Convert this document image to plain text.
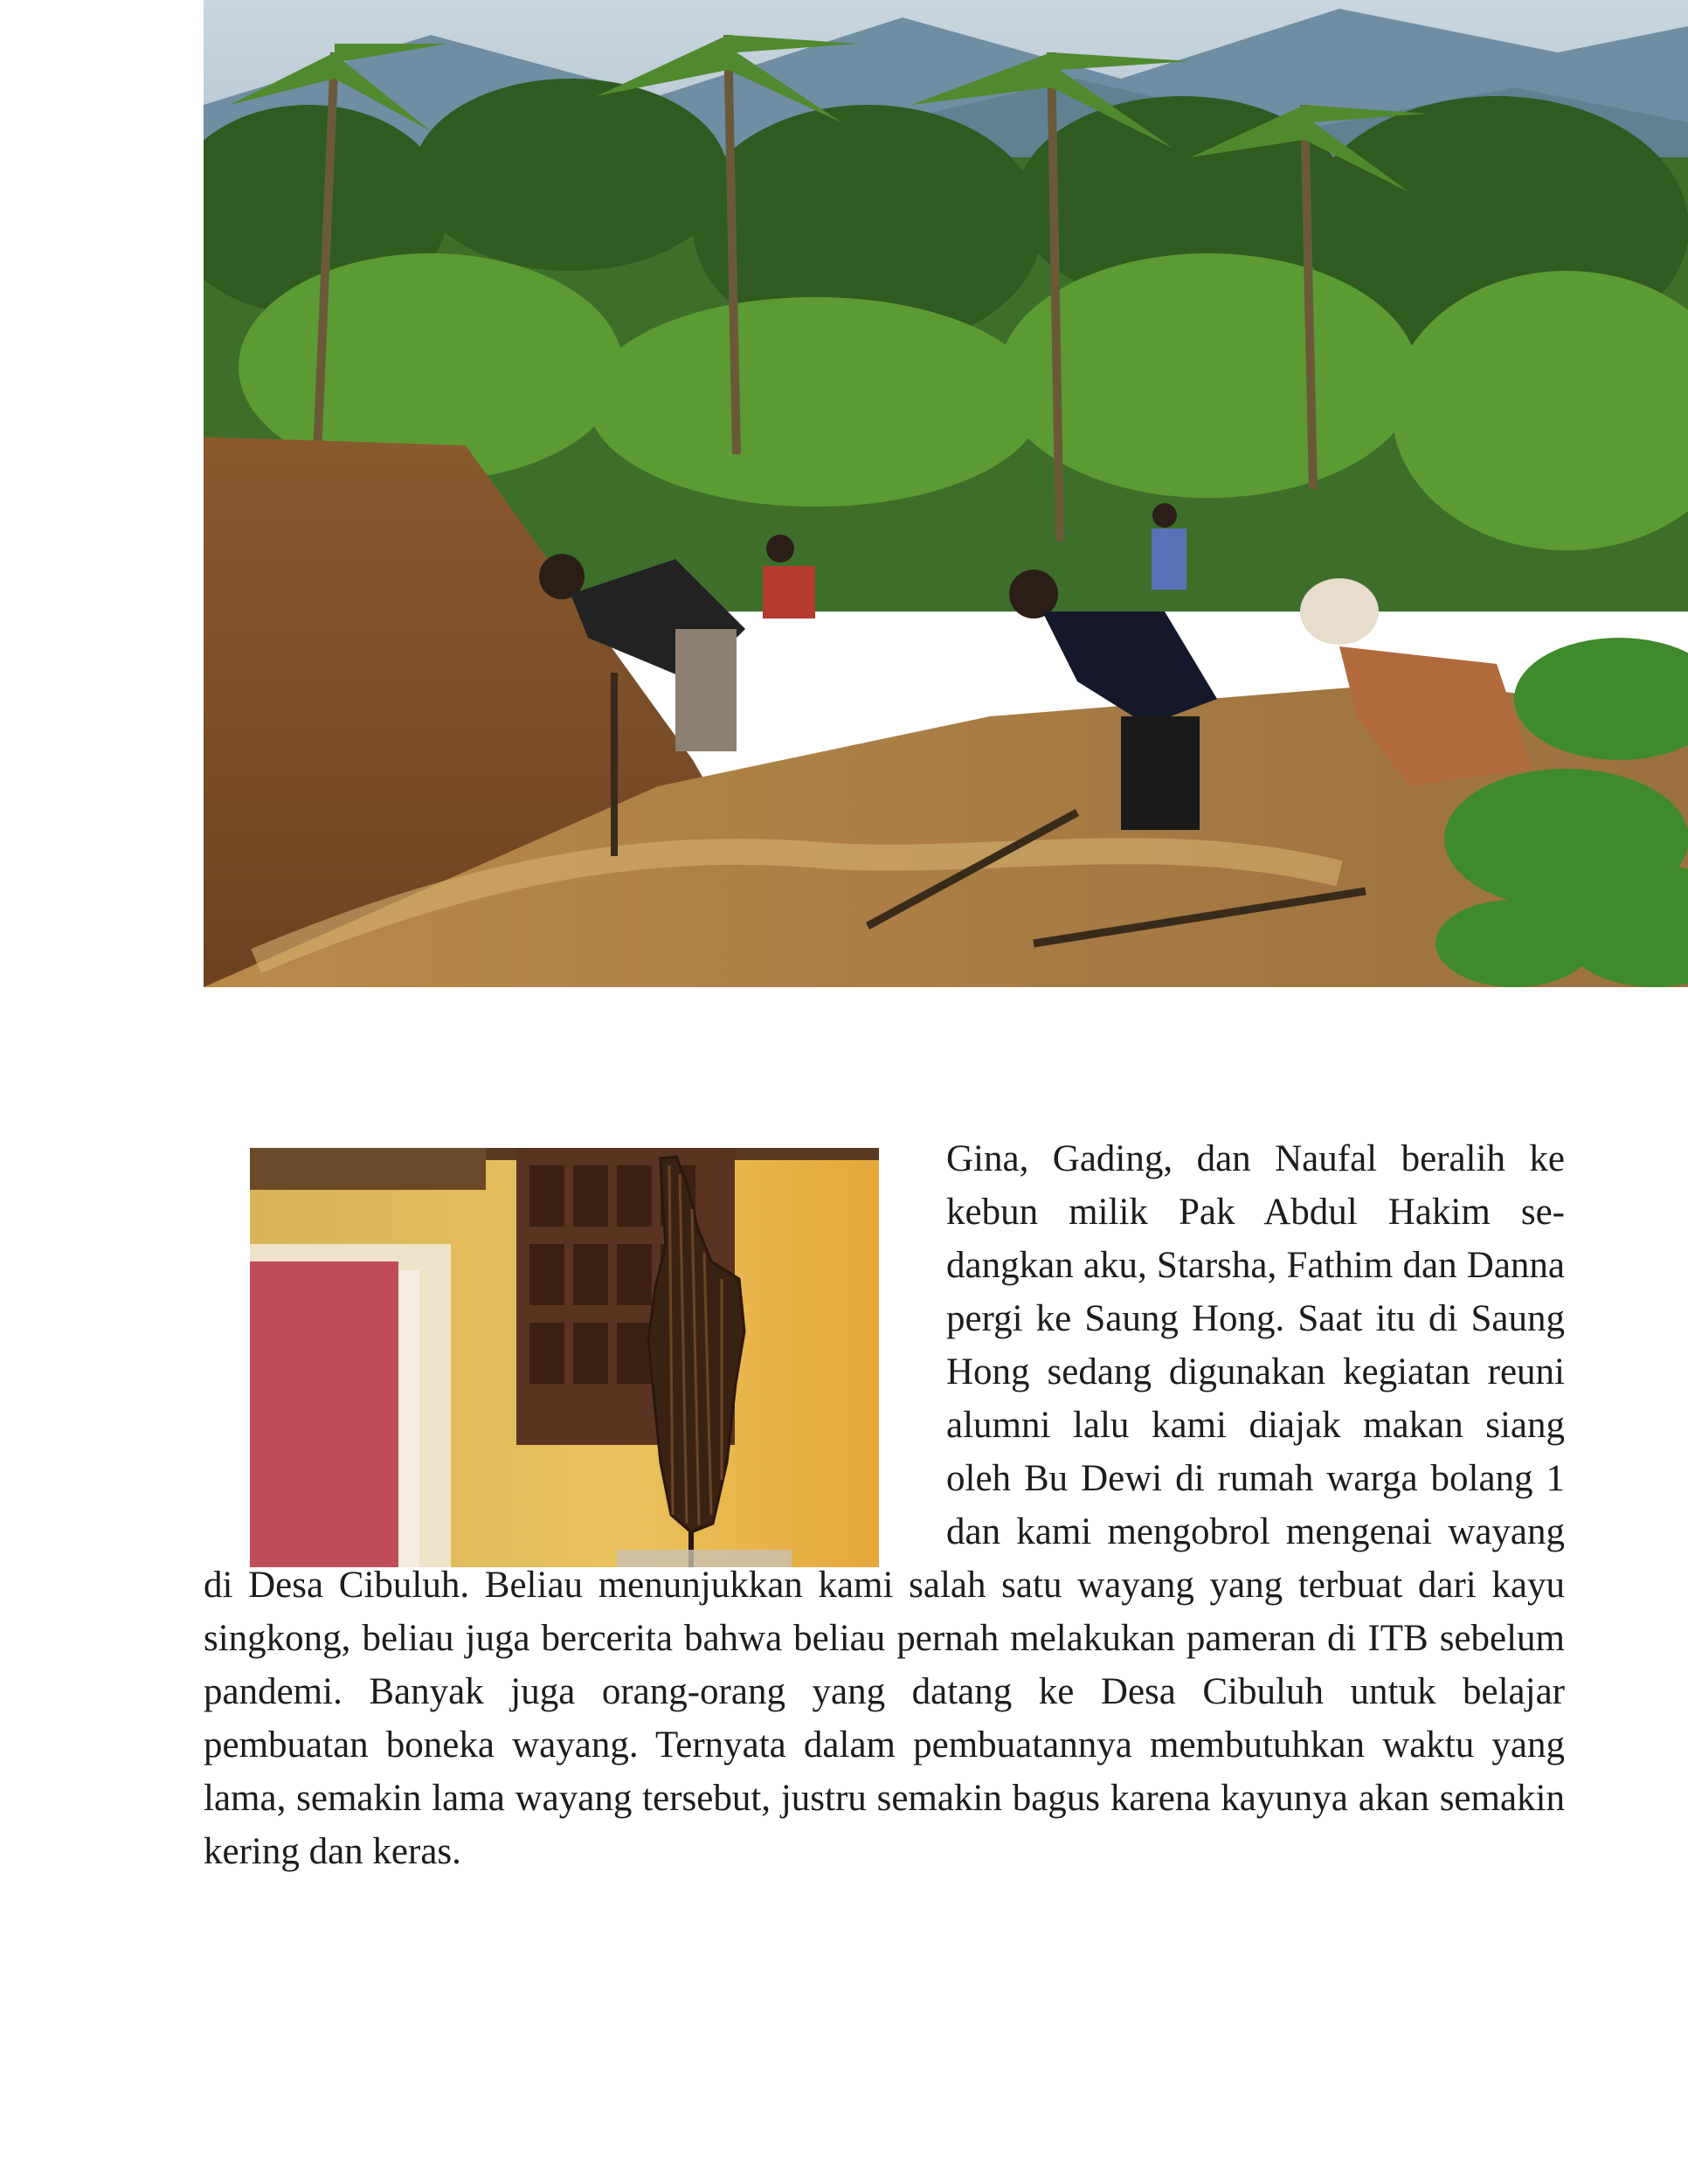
Gina, Gading, dan Naufal beralih ke kebun milik Pak Abdul Hakim sedangkan aku, Starsha, Fathim dan Danna pergi ke Saung Hong. Saat itu di Saung Hong sedang digunakan kegiatan reuni alumni lalu kami diajak makan siang oleh Bu Dewi di rumah warga bolang 1 dan kami mengobrol mengenai wayang di Desa Cibuluh. Beliau menunjukkan kami salah satu wayang yang terbuat dari kayu singkong, beliau juga bercerita bahwa beliau pernah melakukan pameran di ITB sebelum pandemi. Banyak juga orang-orang yang datang ke Desa Cibuluh untuk belajar pembuatan boneka wayang. Ternyata dalam pembuatannya membutuhkan waktu yang lama, semakin lama wayang tersebut, justru semakin bagus karena kayunya akan semakin kering dan keras.
